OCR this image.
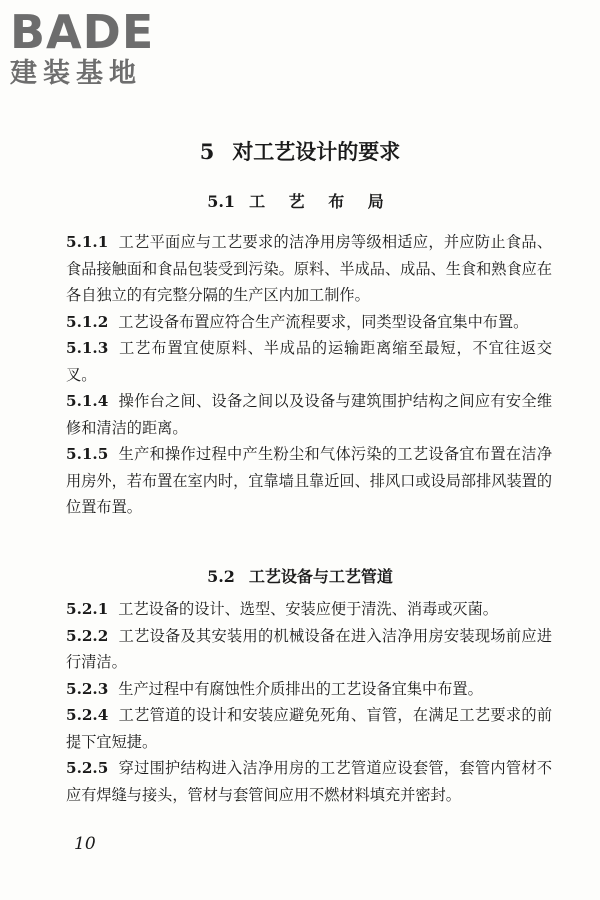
BADE
建装基地
5 对工艺设计的要求
5.1 工 艺 布 局

5.1.1 工艺平面应与工艺要求的洁净用房等级相适应，并应防止食品、食品接触面和食品包装受到污染。原料、半成品、成品、生食和熟食应在各自独立的有完整分隔的生产区内加工制作。

5.1.2 工艺设备布置应符合生产流程要求，同类型设备宜集中布置。

5.1.3 工艺布置宜使原料、半成品的运输距离缩至最短，不宜往返交叉。

5.1.4 操作台之间、设备之间以及设备与建筑围护结构之间应有安全维修和清洁的距离。

5.1.5 生产和操作过程中产生粉尘和气体污染的工艺设备宜布置在洁净用房外，若布置在室内时，宜靠墙且靠近回、排风口或设局部排风装置的位置布置。

5.2 工艺设备与工艺管道

5.2.1 工艺设备的设计、选型、安装应便于清洗、消毒或灭菌。

5.2.2 工艺设备及其安装用的机械设备在进入洁净用房安装现场前应进行清洁。

5.2.3 生产过程中有腐蚀性介质排出的工艺设备宜集中布置。

5.2.4 工艺管道的设计和安装应避免死角、盲管，在满足工艺要求的前提下宜短捷。

5.2.5 穿过围护结构进入洁净用房的工艺管道应设套管，套管内管材不应有焊缝与接头，管材与套管间应用不燃材料填充并密封。

10
